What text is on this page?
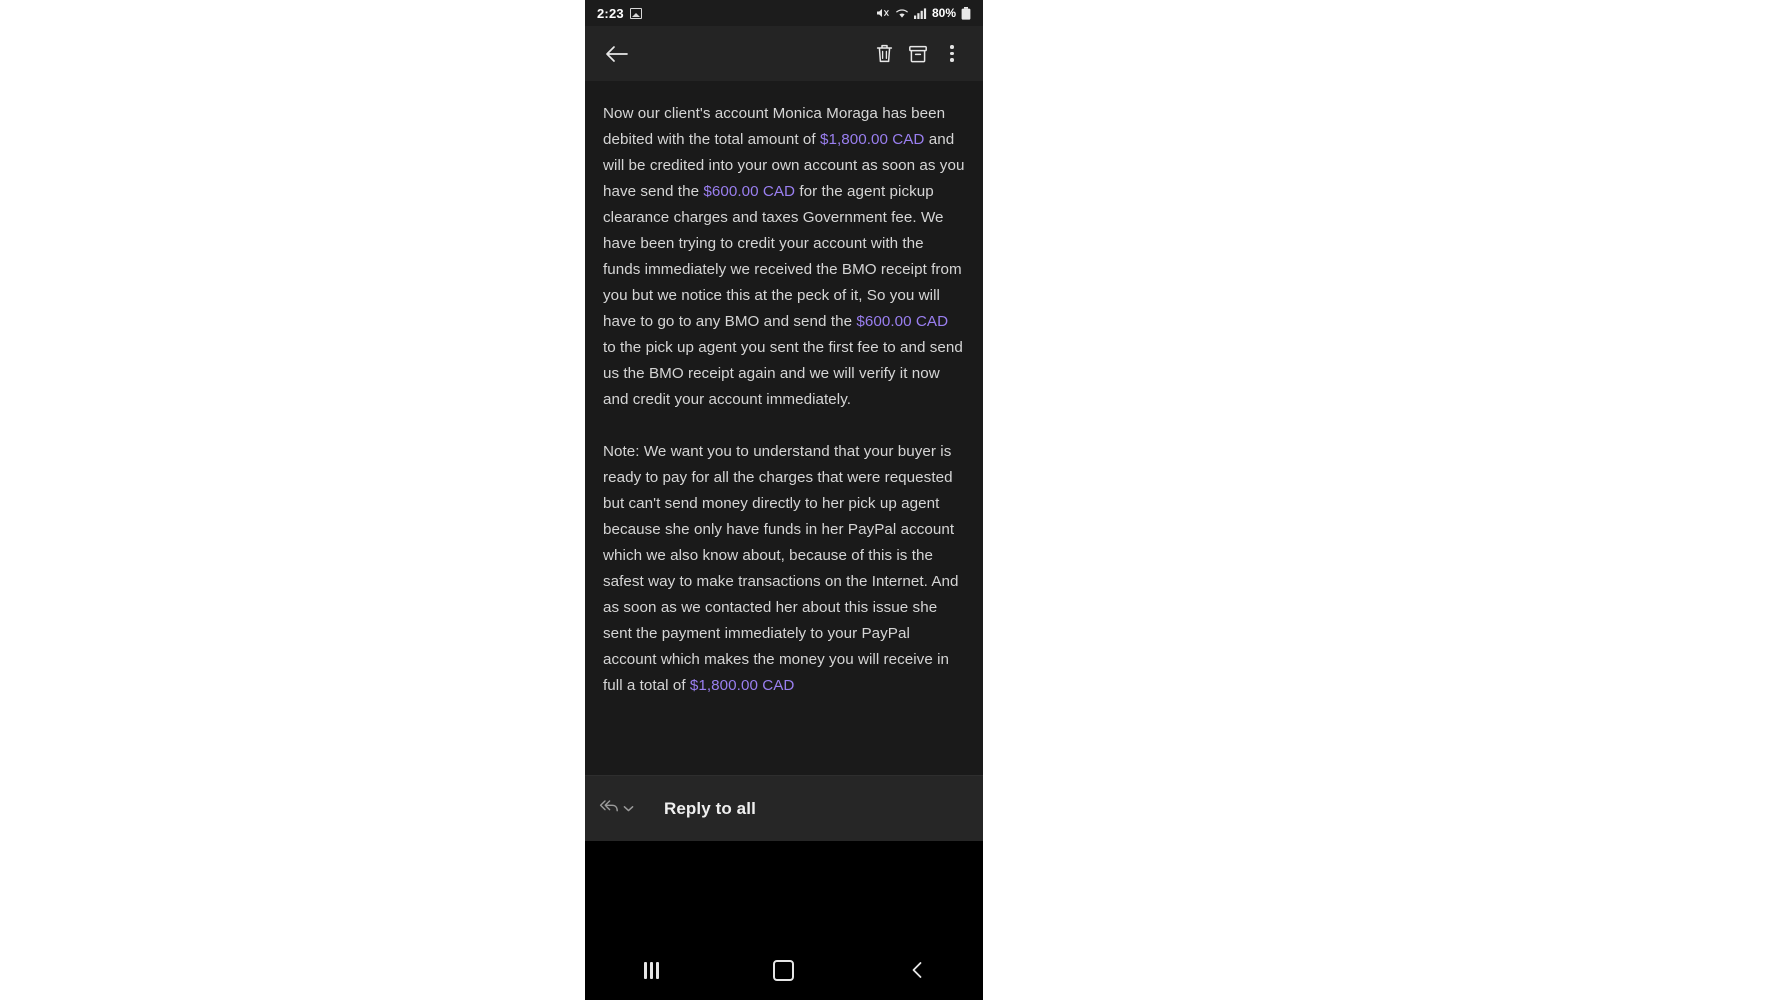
2:23	80%

Now our client's account Monica Moraga has been debited with the total amount of $1,800.00 CAD and will be credited into your own account as soon as you have send the $600.00 CAD for the agent pickup clearance charges and taxes Government fee. We have been trying to credit your account with the funds immediately we received the BMO receipt from you but we notice this at the peck of it, So you will have to go to any BMO and send the $600.00 CAD to the pick up agent you sent the first fee to and send us the BMO receipt again and we will verify it now and credit your account immediately.

Note: We want you to understand that your buyer is ready to pay for all the charges that were requested but can't send money directly to her pick up agent because she only have funds in her PayPal account which we also know about, because of this is the safest way to make transactions on the Internet. And as soon as we contacted her about this issue she sent the payment immediately to your PayPal account which makes the money you will receive in full a total of $1,800.00 CAD

Reply to all
